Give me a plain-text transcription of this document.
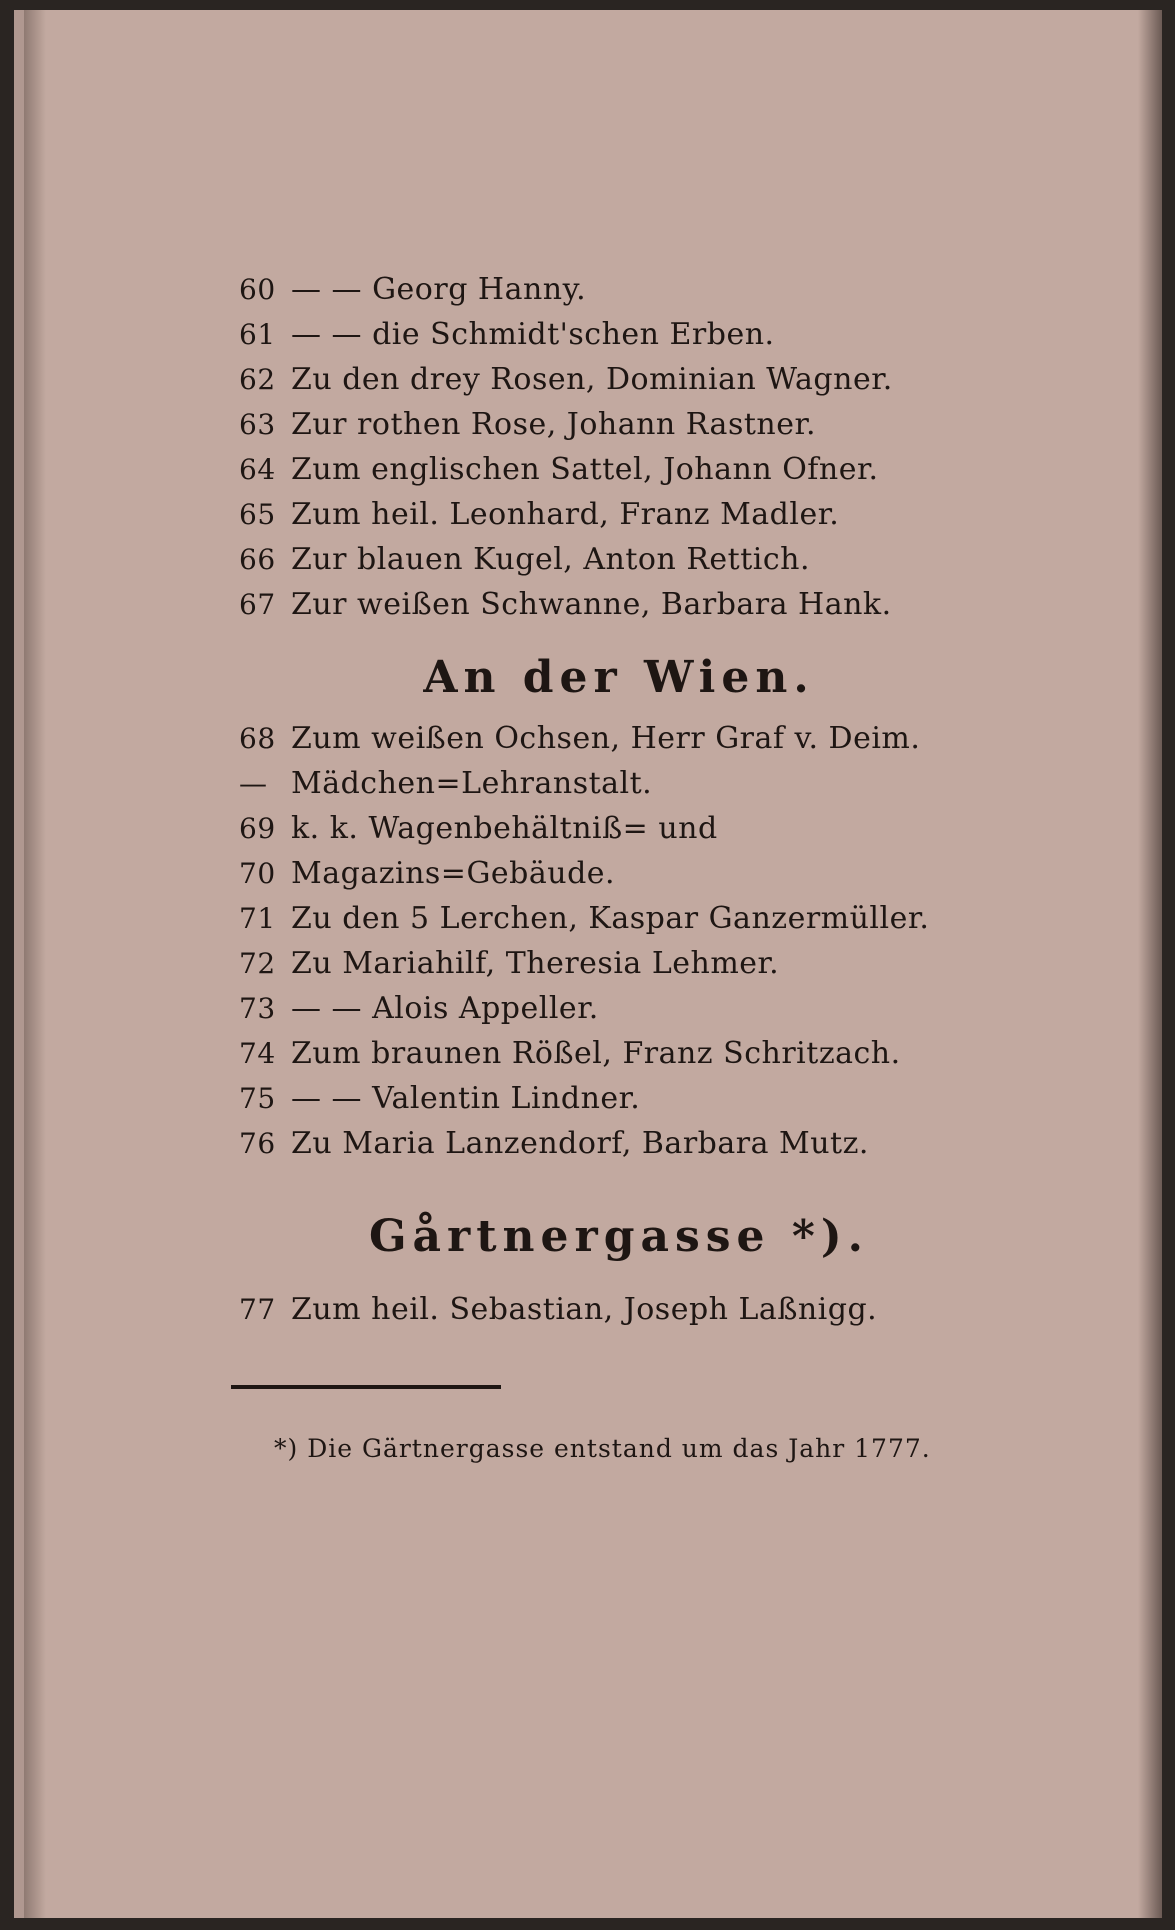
60 — — Georg Hanny.
61 — — die Schmidt'schen Erben.
62 Zu den drey Rosen, Dominian Wagner.
63 Zur rothen Rose, Johann Rastner.
64 Zum englischen Sattel, Johann Ofner.
65 Zum heil. Leonhard, Franz Madler.
66 Zur blauen Kugel, Anton Rettich.
67 Zur weißen Schwanne, Barbara Hank.
An der Wien.
68 Zum weißen Ochsen, Herr Graf v. Deim.
— Mädchen=Lehranstalt.
69 k. k. Wagenbehältniß= und
70 Magazins=Gebäude.
71 Zu den 5 Lerchen, Kaspar Ganzermüller.
72 Zu Mariahilf, Theresia Lehmer.
73 — — Alois Appeller.
74 Zum braunen Rößel, Franz Schritzach.
75 — — Valentin Lindner.
76 Zu Maria Lanzendorf, Barbara Mutz.
Gårtnergasse *).
77 Zum heil. Sebastian, Joseph Laßnigg.
*) Die Gärtnergasse entstand um das Jahr 1777.
